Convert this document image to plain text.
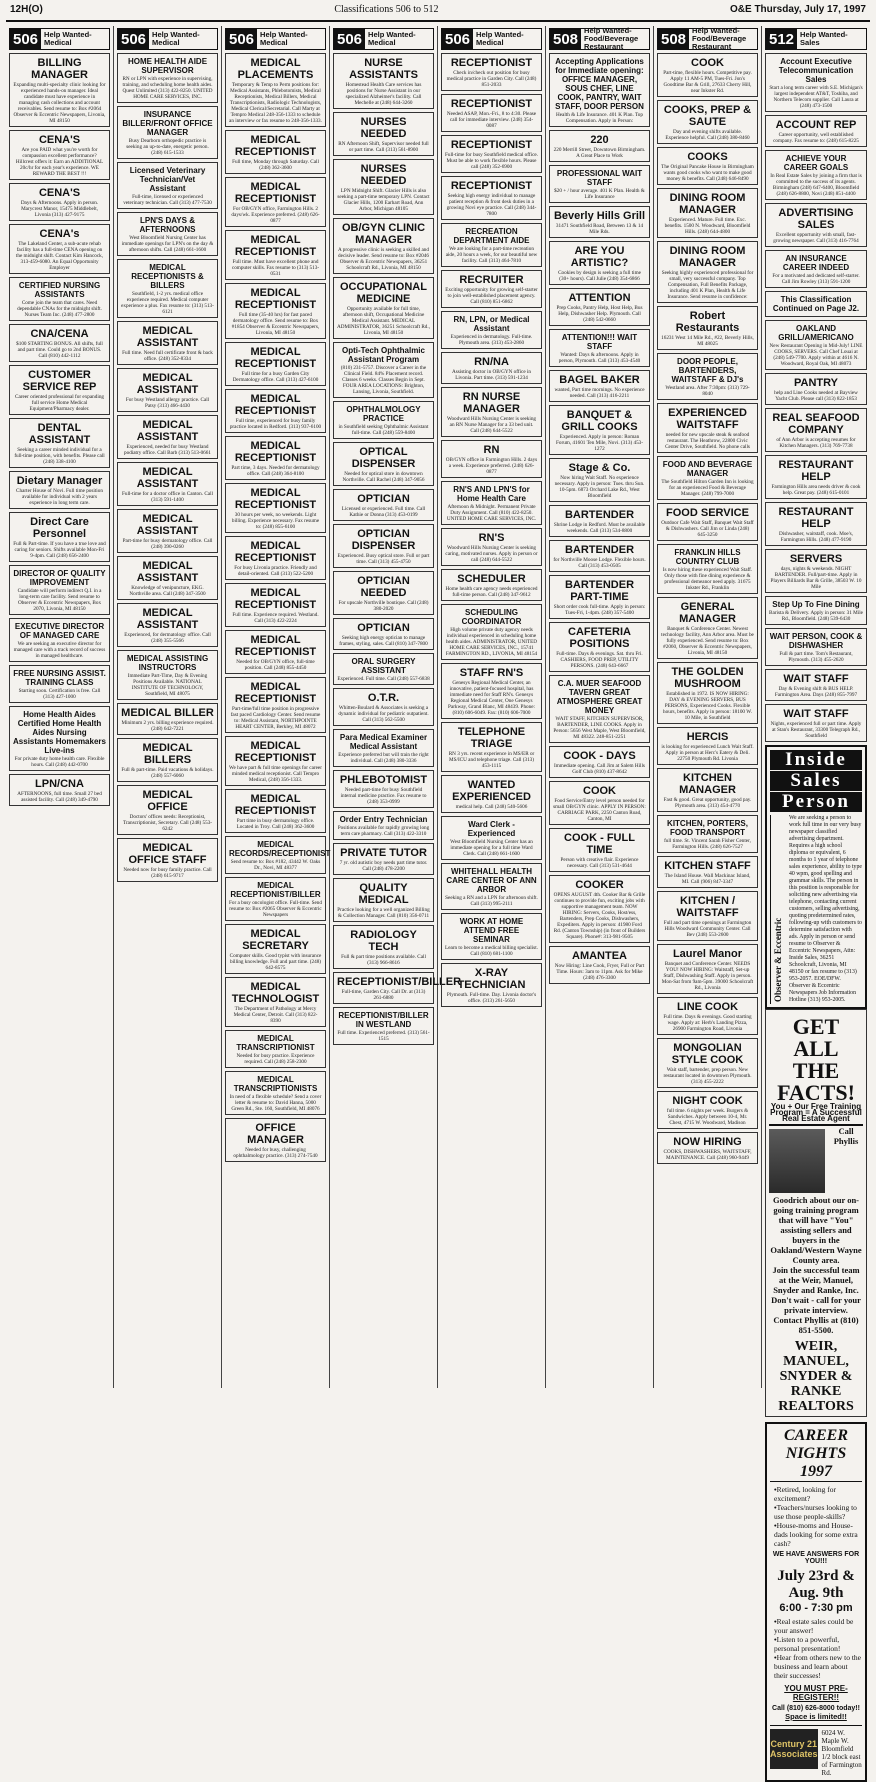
12H(O)	Classifications 506 to 512	O&E Thursday, July 17, 1997
506 Help Wanted- Medical
BILLING MANAGER
Expanding multi-specialty clinic looking for experienced hands-on manager. Ideal candidate must have experience in managing cash collections and account receivables. Send resume to: Box #2064 Observer & Eccentric Newspapers, Livonia, MI 48150
CENA'S
Are you PAID what you're worth for compassion excellent performance? Hillcrest offers it: Earn an ADDITIONAL 20c/hr for each year's experience. WE REWARD THE BEST !!!
CENA'S
Days & Afternoons. Apply in person. Marycrest Manor, 15475 Middlebelt, Livonia (313) 427-9175
CENA's
The Lakeland Center, a sub-acute rehab facility has a full-time CENA opening on the midnight shift. Contact Kim Hancock, 313-459-6080. An Equal Opportunity Employer
CERTIFIED NURSING ASSISTANTS
Come join the team that cares. Need dependable CNAs for the midnight shift. Nurses Team Inc. (248) 477-2800
CNA/CENA
$100 STARTING BONUS. All shifts, full and part time. Could go to 2nd BONUS. Call (810) 442-1112
CUSTOMER SERVICE REP
Career oriented professional for expanding full service Home Medical Equipment/Pharmacy dealer.
DENTAL ASSISTANT
Seeking a career minded individual for a full-time position, with benefits. Please call (248) 338-4100
Dietary Manager
Charter House of Novi. Full time position available for individual with 2 years experience in long term care.
Direct Care Personnel
Full & Part-time. If you have a true love and caring for seniors. Shifts available Mon-Fri 9-4pm. Call (248) 656-2400
DIRECTOR OF QUALITY IMPROVEMENT
Candidate will perform indirect Q.I. in a long-term care facility. Send resume to Observer & Eccentric Newspapers, Box 2070, Livonia, MI 48150
EXECUTIVE DIRECTOR OF MANAGED CARE
We are seeking an executive director for managed care with a track record of success in managed healthcare.
FREE NURSING ASSIST. TRAINING CLASS
Starting soon. Certification is free. Call (313) 427-1000
Home Health Aides Certified Home Health Aides Nursing Assistants Homemakers Live-ins
For private duty home health care. Flexible hours. Call (248) 442-0700
LPN/CNA
AFTERNOONS, full time. Small 27 bed assisted facility. Call (248) 349-4790
506 Help Wanted- Medical
HOME HEALTH AIDE SUPERVISOR
RN or LPN with experience in supervising, training, and scheduling home health aides. Quest Unlimited (313) 422-8250. UNITED HOME CARE SERVICES, INC.
INSURANCE BILLER/FRONT OFFICE MANAGER
Busy Dearborn orthopedic practice is seeking an up-to-date, energetic person. (248) 615-1533
Licensed Veterinary Technician/Vet Assistant
Full-time, licensed or experienced veterinary technician. Call (313) 477-7530
LPN'S DAYS & AFTERNOONS
West Bloomfield Nursing Center has immediate openings for LPN's on the day & afternoon shifts. Call (248) 661-1600
MEDICAL RECEPTIONISTS & BILLERS
Southfield, 1-2 yrs. medical office experience required. Medical computer experience a plus. Fax resume to: (313) 513-6121
MEDICAL ASSISTANT
Full time. Need full certificate front & back office. (248) 352-8334
MEDICAL ASSISTANT
For busy Westland allergy practice. Call Patsy (313) 466-4430
MEDICAL ASSISTANT
Experienced, needed for busy Westland podiatry office. Call Barb (313) 513-0661
MEDICAL ASSISTANT
Full-time for a doctor office in Canton. Call (313) 591-1400
MEDICAL ASSISTANT
Part-time for busy dermatology office. Call (248) 390-0260
MEDICAL ASSISTANT
Knowledge of venipuncture, EKG. Northville area. Call (248) 347-3500
MEDICAL ASSISTANT
Experienced, for dermatology office. Call (248) 355-5566
MEDICAL ASSISTING INSTRUCTORS
Immediate Part-Time, Day & Evening Positions Available. NATIONAL INSTITUTE OF TECHNOLOGY, Southfield, MI 48075
MEDICAL BILLER
Minimum 2 yrs. billing experience required. (248) 642-7221
MEDICAL BILLERS
Full & part-time. Paid vacations & holidays. (248) 557-6060
MEDICAL OFFICE
Doctors' offices needs: Receptionist, Transcriptionist, Secretary. Call (248) 553-6242
MEDICAL OFFICE STAFF
Needed now for busy family practice. Call (248) 615-9717
506 Help Wanted- Medical
MEDICAL PLACEMENTS
Temporary & Temp to Perm positions for: Medical Assistants, Phlebotomists, Medical Receptionists, Medical Billers, Medical Transcriptionists, Radiologic Technologists, Medical Clerical/Secretarial. Call Marty at Tempro Medical 248-356-1333 to schedule an interview or fax resume to 248-356-1333.
MEDICAL RECEPTIONIST
Full time, Monday through Saturday. Call (248) 362-3600
MEDICAL RECEPTIONIST
For OB/GYN office, Farmington Hills. 2 days/wk. Experience preferred. (248) 626-0877
MEDICAL RECEPTIONIST
Full time. Must have excellent phone and computer skills. Fax resume to (313) 513-0531
MEDICAL RECEPTIONIST
Full time (35-40 hrs) for fast paced dermatology office. Send resume to: Box #1854 Observer & Eccentric Newspapers, Livonia, MI 48150
MEDICAL RECEPTIONIST
Full time for a busy Garden City Dermatology office. Call (313) 427-6100
MEDICAL RECEPTIONIST
Full time, experienced for busy family practice located in Redford. (313) 937-6100
MEDICAL RECEPTIONIST
Part time, 3 days. Needed for dermatology office. Call (248) 364-8100
MEDICAL RECEPTIONIST
30 hours per week, no weekends. Light billing. Experience necessary. Fax resume to: (248) 855-6100
MEDICAL RECEPTIONIST
For busy Livonia practice. Friendly and detail-oriented. Call (313) 522-5200
MEDICAL RECEPTIONIST
Full time. Experience required. Westland. Call (313) 422-2224
MEDICAL RECEPTIONIST
Needed for OB/GYN office, full-time position. Call (248) 855-4450
MEDICAL RECEPTIONIST
Part-time/full time position in progressive fast paced Cardiology Center. Send resume to: Medical Assistant, NORTHPOINTE HEART CENTER, Berkley, MI 48072
MEDICAL RECEPTIONIST
We have part & full time openings for career minded medical receptionist. Call Tempro Medical, (248) 356-1333.
MEDICAL RECEPTIONIST
Part time in busy dermatology office. Located in Troy. Call (248) 362-3600
MEDICAL RECORDS/RECEPTIONIST
Send resume to: Box #182, 43442 W. Oaks Dr., Novi, MI 48377
MEDICAL RECEPTIONIST/BILLER
For a busy oncologist office. Full-time. Send resume to: Box #2065 Observer & Eccentric Newspapers
MEDICAL SECRETARY
Computer skills. Good typist with insurance billing knowledge. Full and part time. (248) 642-8575
MEDICAL TECHNOLOGIST
The Department of Pathology at Mercy Medical Center, Detroit. Call (313) 822-8390
MEDICAL TRANSCRIPTIONIST
Needed for busy practice. Experience required. Call (248) 258-2300
MEDICAL TRANSCRIPTIONISTS
In need of a flexible schedule? Send a cover letter & resume to: David Hanna, 5000 Green Rd., Ste. 160, Southfield, MI 48076
OFFICE MANAGER
Needed for busy, challenging ophthalmology practice. (313) 274-7540
506 Help Wanted- Medical
NURSE ASSISTANTS
Homestead Health Care services has positions for Nurse Assistant in our specialized Alzheimer's facility. Call Mechelle at (248) 644-3260
NURSES NEEDED
RN Afternoon Shift, Supervisor needed full or part time. Call (313) 561-8900
NURSES NEEDED
LPN Midnight Shift. Glacier Hills is also seeking a part-time temporary LPN. Contact Glacier Hills, 1200 Earhart Road, Ann Arbor, Michigan 48105
OB/GYN CLINIC MANAGER
A progressive clinic is seeking a skilled and decisive leader. Send resume to: Box #2046 Observer & Eccentric Newspapers, 36251 Schoolcraft Rd., Livonia, MI 48150
OCCUPATIONAL MEDICINE
Opportunity available for full time, afternoon shift, Occupational Medicine Medical Assistant. MEDICAL ADMINISTRATOR, 36251 Schoolcraft Rd., Livonia, MI 48150
Opti-Tech Ophthalmic Assistant Program
(810) 231-5757. Discover a Career in the Clinical Field. 84% Placement record. Classes 6 weeks. Classes Begin in Sept. FOUR AREA LOCATIONS: Brighton, Lansing, Livonia, Southfield.
OPHTHALMOLOGY PRACTICE
in Southfield seeking Ophthalmic Assistant full-time. Call (248) 559-8400
OPTICAL DISPENSER
Needed for optical store in downtown Northville. Call Rachel (248) 347-9056
OPTICIAN
Licensed or experienced. Full time. Call Kathie or Donna (313) 453-0199
OPTICIAN DISPENSER
Experienced. Busy optical store. Full or part time. Call (313) 455-4750
OPTICIAN NEEDED
For upscale Northville boutique. Call (248) 380-2020
OPTICIAN
Seeking high energy optician to manage frames, styling, sales. Call (810) 347-7800
ORAL SURGERY ASSISTANT
Experienced. Full time. Call (248) 557-6838
O.T.R.
Whitten-Boulard & Associates is seeking a dynamic individual for pediatric outpatient. Call (313) 562-5500
Para Medical Examiner Medical Assistant
Experience preferred but will train the right individual. Call (248) 380-3336
PHLEBOTOMIST
Needed part-time for busy Southfield internal medicine practice. Fax resume to (248) 353-0999
Order Entry Technician
Positions available for rapidly growing long term care pharmacy. Call (313) 422-3310
PRIVATE TUTOR
7 yr. old autistic boy needs part time tutor. Call (248) 478-2200
QUALITY MEDICAL
Practice looking for a well organized Billing & Collection Manager. Call (810) 356-0711
RADIOLOGY TECH
Full & part time positions available. Call (313) 966-8616
RECEPTIONIST/BILLER
Full-time, Garden City. Call Dr. at (313) 261-6880
RECEPTIONIST/BILLER IN WESTLAND
Full time. Experienced preferred. (313) 561-1515
506 Help Wanted- Medical
RECEPTIONIST
Check in/check out position for busy medical practice in Garden City. Call (248) 851-2033
RECEPTIONIST
Needed ASAP, Mon.-Fri., 8 to 4:30. Please call for immediate interview. (248) 354-0087
RECEPTIONIST
Full-time for busy Southfield medical office. Must be able to work flexible hours. Please call (248) 352-6900
RECEPTIONIST
Seeking high energy individual to manage patient reception & front desk duties in a growing Novi eye practice. Call (248) 344-7800
RECREATION DEPARTMENT AIDE
We are looking for a part-time recreation aide, 20 hours a week, for our beautiful new facility. Call (313) 464-7810
RECRUITER
Exciting opportunity for growing self-starter to join well-established placement agency. Call (810) 851-6862
RN, LPN, or Medical Assistant
Experienced in dermatology. Full-time. Plymouth area. (313) 453-2860
RN/NA
Assisting doctor in OB/GYN office in Livonia. Part time. (313) 591-1234
RN NURSE MANAGER
Woodward Hills Nursing Center is seeking an RN Nurse Manager for a 33 bed unit. Call (248) 644-5522
RN
OB/GYN office in Farmington Hills. 2 days a week. Experience preferred. (248) 626-0877
RN'S AND LPN'S for Home Health Care
Afternoon & Midnight. Permanent Private Duty Assignment. Call (810) 422-8250. UNITED HOME CARE SERVICES, INC.
RN'S
Woodward Hills Nursing Center is seeking caring, motivated nurses. Apply in person or call (248) 644-5522
SCHEDULER
Home health care agency needs experienced full-time person. Call (248) 347-9612
SCHEDULING COORDINATOR
High volume private duty agency needs individual experienced in scheduling home health aides. ADMINISTRATOR, UNITED HOME CARE SERVICES, INC., 15741 FARMINGTON RD., LIVONIA, MI 48154
STAFF RN'S
Genesys Regional Medical Center, an innovative, patient-focused hospital, has immediate need for Staff RN's. Genesys Regional Medical Center, One Genesys Parkway, Grand Blanc, MI 48439. Phone: (810) 606-6049. Fax: (810) 606-7000
TELEPHONE TRIAGE
RN 3 yrs. recent experience in MS/ER or MS/ICU and telephone triage. Call (313) 453-1115
WANTED EXPERIENCED
medical help. Call (248) 540-5606
Ward Clerk - Experienced
West Bloomfield Nursing Center has an immediate opening for a full time Ward Clerk. Call (248) 661-1600
WHITEHALL HEALTH CARE CENTER OF ANN ARBOR
Seeking a RN and a LPN for afternoon shift. Call (313) 995-2111
WORK AT HOME ATTEND FREE SEMINAR
Learn to become a medical billing specialist. Call (810) 681-1100
X-RAY TECHNICIAN
Plymouth. Full-time. Day. Livonia doctor's office. (313) 261-5650
508 Help Wanted- Food/Beverage Restaurant
Accepting Applications for Immediate opening: OFFICE MANAGER, SOUS CHEF, LINE COOK, PANTRY, WAIT STAFF, DOOR PERSON
Health & Life Insurance. 401 K Plan. Top Compensation. Apply in Person:
220
220 Merrill Street, Downtown Birmingham. A Great Place to Work
PROFESSIONAL WAIT STAFF
$20 + / hour average. 401 K Plan. Health & Life Insurance
Beverly Hills Grill
31471 Southfield Road, Between 13 & 14 Mile Rds.
ARE YOU ARTISTIC?
Cookies by design is seeking a full time (30+ hours). Call Julie (248) 354-6866
ATTENTION
Prep Cooks, Pantry Help, Host Help, Bus Help, Dishwasher Help. Plymouth. Call (248) 542-0660
ATTENTION!!! WAIT STAFF
Wanted: Days & afternoons. Apply in person, Plymouth. Call (313) 453-4540
BAGEL BAKER
wanted, Part time mornings. No experience needed. Call (313) 416-2211
BANQUET & GRILL COOKS
Experienced. Apply in person: Roman Forum, 41601 Ten Mile, Novi. (313) 453-1272
Stage & Co.
Now hiring Wait Staff. No experience necessary. Apply in person: Tues. thru Sun. 10-5pm. 6873 Orchard Lake Rd., West Bloomfield
BARTENDER
Shrine Lodge in Redford. Must be available weekends. Call (313) 534-8800
BARTENDER
for Northville Moose Lodge. Flexible hours. Call (313) 453-0505
BARTENDER PART-TIME
Short order cook full-time. Apply in person: Tues-Fri, 1-4pm. (248) 357-5400
CAFETERIA POSITIONS
Full-time. Days & evenings. Sat. thru Fri. CASHIERS, FOOD PREP, UTILITY PERSONS. (248) 643-6667
C.A. MUER SEAFOOD TAVERN GREAT ATMOSPHERE GREAT MONEY
WAIT STAFF, KITCHEN SUPERVISOR, BARTENDER, LINE COOKS. Apply in Person: 5656 West Maple, West Bloomfield, MI 48322. 248-851-2251
COOK - DAYS
Immediate opening. Call Jim at Salem Hills Golf Club (810) 437-8642
COOK
Food Service/Entry level person needed for small OB/GYN clinic. APPLY IN PERSON: CARRIAGE PARK, 2250 Canton Road, Canton, MI
COOK - FULL TIME
Person with creative flair. Experience necessary. Call (313) 531-4644
COOKER
OPENS AUGUST 4th. Cooker Bar & Grille continues to provide fun, exciting jobs with supportive management team. NOW HIRING: Servers, Cooks, Host/ess, Bartenders, Prep Cooks, Dishwashers, Expediters. Apply in person: 41980 Ford Rd. (Canton Township) (in front of Builders Square). Phone#: 313-981-9505
AMANTEA
Now Hiring: Line Cook, Fryer, Full or Part Time. Hours: 3am to 11pm. Ask for Mike (248) 476-3300
508 Help Wanted- Food/Beverage Restaurant
COOK
Part-time, flexible hours. Competitive pay. Apply 11 AM-5 PM, Tues-Fri. Jon's Goodtime Bar & Grill, 27633 Cherry Hill, near Inkster Rd.
COOKS, PREP & SAUTE
Day and evening shifts available. Experience helpful. Call (248) 380-8460
COOKS
The Original Pancake House in Birmingham wants good cooks who want to make good money & benefits. Call (248) 646-8490
DINING ROOM MANAGER
Experienced. Mature. Full time. Exc. benefits. 1500 N. Woodward, Bloomfield Hills. (248) 644-4800
DINING ROOM MANAGER
Seeking highly experienced professional for small, very successful company. Top Compensation, Full Benefits Package, including 401 K Plan, Health & Life Insurance. Send resume in confidence:
Robert Restaurants
16231 West 14 Mile Rd., #22, Beverly Hills, MI 48025
DOOR PEOPLE, BARTENDERS, WAITSTAFF & DJ's
Westland area. After 7:30pm: (313) 729-8040
EXPERIENCED WAITSTAFF
needed for new upscale steak & seafood restaurant. The Heathrow, 22800 Civic Center Drive, Southfield. No phone calls
FOOD AND BEVERAGE MANAGER
The Southfield Hilton Garden Inn is looking for an experienced Food & Beverage Manager. (248) 799-7000
FOOD SERVICE
Outdoor Cafe Wait Staff, Banquet Wait Staff & Dishwashers. Call Jim or Linda (248) 645-3250
FRANKLIN HILLS COUNTRY CLUB
Is now hiring these experienced Wait Staff. Only those with fine dining experience & professional demeanor need apply. 31675 Inkster Rd., Franklin
GENERAL MANAGER
Banquet & Conference Center. Newest technology facility, Ann Arbor area. Must be fully experienced. Send resume to: Box #2060, Observer & Eccentric Newspapers, Livonia, MI 48150
THE GOLDEN MUSHROOM
Established in 1972. IS NOW HIRING: DAY & EVENING SERVERS, BUS PERSONS, Experienced Cooks. Flexible hours, benefits. Apply in person: 18100 W. 10 Mile, in Southfield
HERCIS
is looking for experienced Lunch Wait Staff. Apply in person at Herc's Eatery & Deli. 22750 Plymouth Rd. Livonia
KITCHEN MANAGER
Fast & good. Great opportunity, good pay. Plymouth area. (313) 454-4770
KITCHEN, PORTERS, FOOD TRANSPORT
full time. St. Vincent Sarah Fisher Center, Farmington Hills. (248) 626-7527
KITCHEN STAFF
The Island House. Wall Mackinac Island, MI. Call (906) 847-3347
KITCHEN / WAITSTAFF
Full and part time openings at Farmington Hills Woodward Community Center. Call Bev (248) 553-2600
Laurel Manor
Banquet and Conference Center. NEEDS YOU! NOW HIRING: Waitstaff, Set-up Staff, Dishwashing Staff. Apply in person. Mon-Sat from 9am-5pm. 39000 Schoolcraft Rd., Livonia
LINE COOK
Full time. Days & evenings. Good starting wage. Apply at: Herb's Landing Pizza, 26900 Farmington Road, Livonia
MONGOLIAN STYLE COOK
Wait staff, bartender, prep person. New restaurant located in downtown Plymouth. (313) 455-2222
NIGHT COOK
full time. 6 nights per week. Burgers & Sandwiches. Apply between 10-4, Mr. Chest, 4715 W. Woodward, Madison
NOW HIRING
COOKS, DISHWASHERS, WAITSTAFF, MAINTENANCE. Call (248) 960-9449
512 Help Wanted- Sales
Account Executive Telecommunication Sales
Start a long term career with S.E. Michigan's largest independent AT&T, Toshiba, and Northern Telecom supplier. Call Laura at (248) 473-1500
ACCOUNT REP
Career opportunity, well established company. Fax resume to: (248) 615-8225
ACHIEVE YOUR CAREER GOALS
In Real Estate Sales by joining a firm that is committed to the success of its agents. Birmingham (248) 647-6400, Bloomfield (248) 626-8800, Novi (248) 851-4400
ADVERTISING SALES
Excellent opportunity with small, fast-growing newspaper. Call (313) 416-7764
AN INSURANCE CAREER INDEED
For a motivated and dedicated self-starter. Call Jim Rowley (313) 591-1200
This Classification Continued on Page J2.
OAKLAND GRILL/AMERICANO
New Restaurant Opening in Mid-July! LINE COOKS, SERVERS. Call Chef Louai at (248) 549-7700. Apply within at 4616 N. Woodward, Royal Oak, MI 48073
PANTRY
help and Line Cooks needed at Bayview Yacht Club. Please call (313) 822-1853
REAL SEAFOOD COMPANY
of Ann Arbor is accepting resumes for Kitchen Managers. (313) 769-7738
RESTAURANT HELP
Farmington Hills area needs driver & cook help. Great pay. (248) 615-0101
RESTAURANT HELP
Dishwasher, waitstaff, cook. Moe's, Farmington Hills. (248) 477-9190
SERVERS
days, nights & weekends. NIGHT BARTENDER. Full/part-time. Apply in Players Billiards Bar & Grille, 38503 W. 10 Mile
Step Up To Fine Dining
Barista & Delivery. Apply in person: 31 Mile Rd., Bloomfield. (248) 539-6430
WAIT PERSON, COOK & DISHWASHER
Full & part time. Tom's Restaurant, Plymouth. (313) 455-2620
WAIT STAFF
Day & Evening shift & BUS HELP. Farmington Area. Days (248) 855-7997
WAIT STAFF
Nights, experienced full or part time. Apply at Stan's Restaurant, 33300 Telegraph Rd., Southfield
Inside
Sales
Person
Observer & Eccentric
We are seeking a person to work full time in our very busy newspaper classified advertising department. Requires a high school diploma or equivalent, 6 months to 1 year of telephone sales experience, ability to type 40 wpm, good spelling and grammar skills. The person in this position is responsible for soliciting new advertising via telephone, contacting current customers, selling advertising, quoting predetermined rates, following-up with customers to determine satisfaction with ads. Apply in person or send resume to Observer & Eccentric Newspapers, Attn: Inside Sales, 36251 Schoolcraft, Livonia, MI 48150 or fax resume to (313) 953-2057. EOE/DFW. Observer & Eccentric Newspapers Job Information Hotline (313) 953-2005.
GET ALL THE FACTS!
You + Our Free Training Program = A Successful Real Estate Agent
Call Phyllis Goodrich about our on-going training program that will have "You" assisting sellers and buyers in the Oakland/Western Wayne County area.
Join the successful team at the Weir, Manuel, Snyder and Ranke, Inc. Don't wait - call for your private interview. Contact Phyllis at (810) 851-5500.
WEIR, MANUEL, SNYDER & RANKE REALTORS
CAREER NIGHTS 1997
• Retired, looking for excitement?
• Teachers/nurses looking to use those people-skills?
• House-moms and House-dads looking for some extra cash?
WE HAVE ANSWERS FOR YOU!!!
July 23rd & Aug. 9th
6:00 - 7:30 pm
• Real estate sales could be your answer!
• Listen to a powerful, personal presentation!
• Hear from others new to the business and learn about their successes!
YOU MUST PRE-REGISTER!!
Call (810) 626-8000 today!!
Space is limited!!
Century 21 Associates
6024 W. Maple W. Bloomfield 1/2 block east of Farmington Rd.
